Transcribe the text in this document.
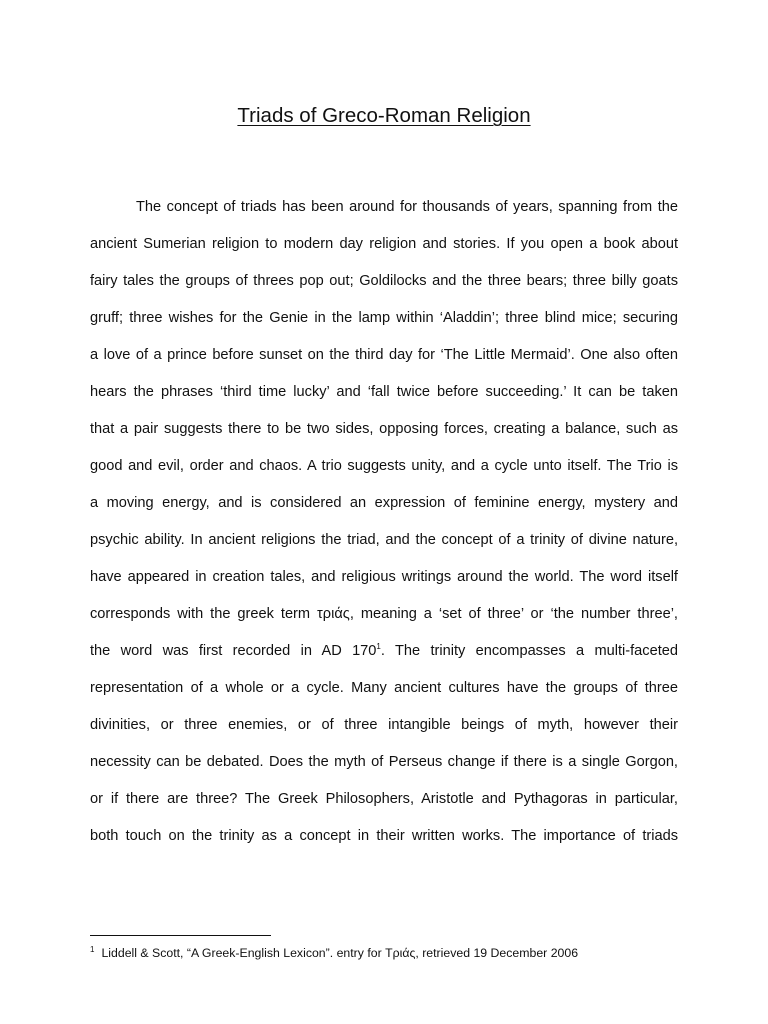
Triads of Greco-Roman Religion
The concept of triads has been around for thousands of years, spanning from the
ancient Sumerian religion to modern day religion and stories. If you open a book about
fairy tales the groups of threes pop out; Goldilocks and the three bears; three billy goats
gruff; three wishes for the Genie in the lamp within ‘Aladdin’; three blind mice; securing
a love of a prince before sunset on the third day for ‘The Little Mermaid’. One also often
hears the phrases ‘third time lucky’ and ‘fall twice before succeeding.’ It can be taken
that a pair suggests there to be two sides, opposing forces, creating a balance, such as
good and evil, order and chaos. A trio suggests unity, and a cycle unto itself. The Trio is
a moving energy, and is considered an expression of feminine energy, mystery and
psychic ability. In ancient religions the triad, and the concept of a trinity of divine nature,
have appeared in creation tales, and religious writings around the world. The word itself
corresponds with the greek term τριάς, meaning a ‘set of three’ or ‘the number three’,
the word was first recorded in AD $170^1$. The trinity encompasses a multi-faceted
representation of a whole or a cycle. Many ancient cultures have the groups of three
divinities, or three enemies, or of three intangible beings of myth, however their
necessity can be debated. Does the myth of Perseus change if there is a single Gorgon,
or if there are three? The Greek Philosophers, Aristotle and Pythagoras in particular,
both touch on the trinity as a concept in their written works. The importance of triads
$^1$ Liddell & Scott, “A Greek-English Lexicon”. entry for Τριάς, retrieved 19 December 2006
